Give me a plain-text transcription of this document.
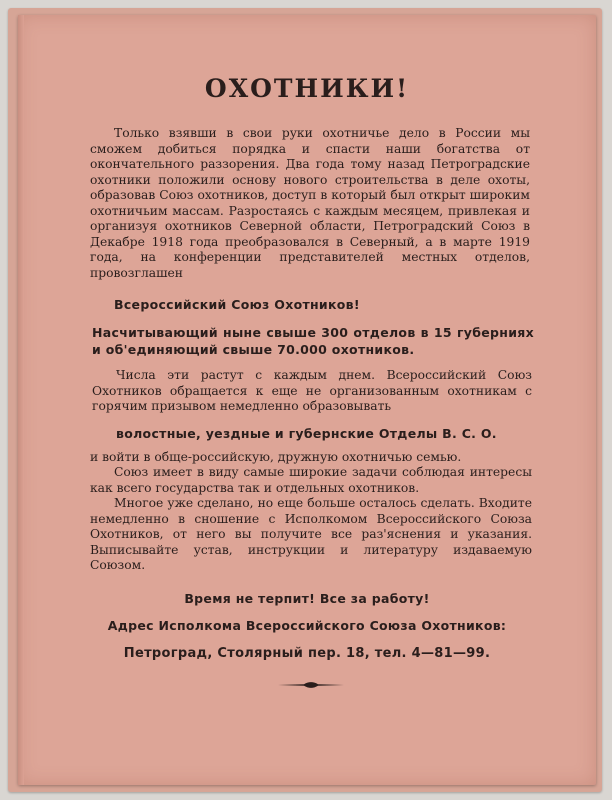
ОХОТНИКИ!

Только взявши в свои руки охотничье дело в России мы сможем добиться порядка и спасти наши богатства от окончательного раззорения. Два года тому назад Петроградские охотники положили основу нового строительства в деле охоты, образовав Союз охотников, доступ в который был открыт широким охотничьим массам. Разростаясь с каждым месяцем, привлекая и организуя охотников Северной области, Петроградский Союз в Декабре 1918 года преобразовался в Северный, а в марте 1919 года, на конференции представителей местных отделов, провозглашен

Всероссийский Союз Охотников!

Насчитывающий ныне свыше 300 отделов в 15 губерниях и об'единяющий свыше 70.000 охотников.

Числа эти растут с каждым днем. Всероссийский Союз Охотников обращается к еще не организованным охотникам с горячим призывом немедленно образовывать

волостные, уездные и губернские Отделы В. С. О.

и войти в обще-российскую, дружную охотничью семью.

Союз имеет в виду самые широкие задачи соблюдая интересы как всего государства так и отдельных охотников.

Многое уже сделано, но еще больше осталось сделать. Входите немедленно в сношение с Исполкомом Всероссийского Союза Охотников, от него вы получите все раз'яснения и указания. Выписывайте устав, инструкции и литературу издаваемую Союзом.

Время не терпит! Все за работу!

Адрес Исполкома Всероссийского Союза Охотников:

Петроград, Столярный пер. 18, тел. 4—81—99.
